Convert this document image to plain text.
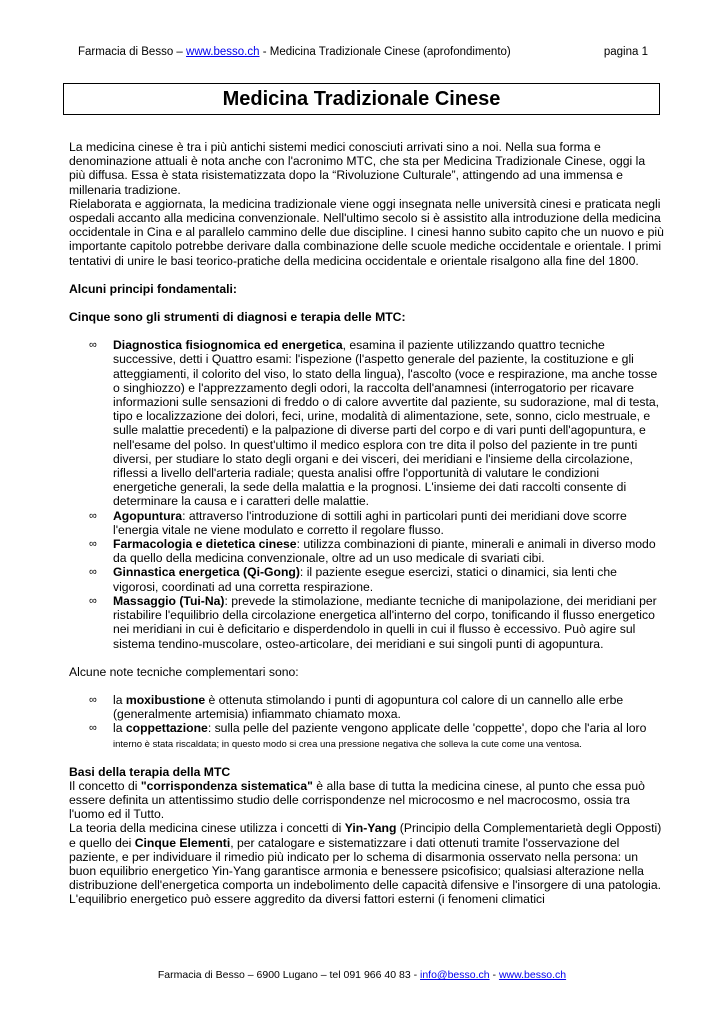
Farmacia di Besso – www.besso.ch - Medicina Tradizionale Cinese (aprofondimento)	pagina 1
Medicina Tradizionale Cinese

La medicina cinese è tra i più antichi sistemi medici conosciuti arrivati sino a noi. Nella sua forma e denominazione attuali è nota anche con l'acronimo MTC, che sta per Medicina Tradizionale Cinese, oggi la più diffusa. Essa è stata risistematizzata dopo la “Rivoluzione Culturale”, attingendo ad una immensa e millenaria tradizione.

Rielaborata e aggiornata, la medicina tradizionale viene oggi insegnata nelle università cinesi e praticata negli ospedali accanto alla medicina convenzionale. Nell'ultimo secolo si è assistito alla introduzione della medicina occidentale in Cina e al parallelo cammino delle due discipline. I cinesi hanno subito capito che un nuovo e più importante capitolo potrebbe derivare dalla combinazione delle scuole mediche occidentale e orientale. I primi tentativi di unire le basi teorico-pratiche della medicina occidentale e orientale risalgono alla fine del 1800.

Alcuni principi fondamentali:

Cinque sono gli strumenti di diagnosi e terapia delle MTC:

∞ Diagnostica fisiognomica ed energetica, esamina il paziente utilizzando quattro tecniche successive, detti i Quattro esami: l'ispezione (l'aspetto generale del paziente, la costituzione e gli atteggiamenti, il colorito del viso, lo stato della lingua), l'ascolto (voce e respirazione, ma anche tosse o singhiozzo) e l'apprezzamento degli odori, la raccolta dell'anamnesi (interrogatorio per ricavare informazioni sulle sensazioni di freddo o di calore avvertite dal paziente, su sudorazione, mal di testa, tipo e localizzazione dei dolori, feci, urine, modalità di alimentazione, sete, sonno, ciclo mestruale, e sulle malattie precedenti) e la palpazione di diverse parti del corpo e di vari punti dell'agopuntura, e nell'esame del polso. In quest'ultimo il medico esplora con tre dita il polso del paziente in tre punti diversi, per studiare lo stato degli organi e dei visceri, dei meridiani e l'insieme della circolazione, riflessi a livello dell'arteria radiale; questa analisi offre l'opportunità di valutare le condizioni energetiche generali, la sede della malattia e la prognosi. L'insieme dei dati raccolti consente di determinare la causa e i caratteri delle malattie.
∞ Agopuntura: attraverso l'introduzione di sottili aghi in particolari punti dei meridiani dove scorre l'energia vitale ne viene modulato e corretto il regolare flusso.
∞ Farmacologia e dietetica cinese: utilizza combinazioni di piante, minerali e animali in diverso modo da quello della medicina convenzionale, oltre ad un uso medicale di svariati cibi.
∞ Ginnastica energetica (Qi-Gong): il paziente esegue esercizi, statici o dinamici, sia lenti che vigorosi, coordinati ad una corretta respirazione.
∞ Massaggio (Tui-Na): prevede la stimolazione, mediante tecniche di manipolazione, dei meridiani per ristabilire l'equilibrio della circolazione energetica all'interno del corpo, tonificando il flusso energetico nei meridiani in cui è deficitario e disperdendolo in quelli in cui il flusso è eccessivo. Può agire sul sistema tendino-muscolare, osteo-articolare, dei meridiani e sui singoli punti di agopuntura.

Alcune note tecniche complementari sono:

∞ la moxibustione è ottenuta stimolando i punti di agopuntura col calore di un cannello alle erbe (generalmente artemisia) infiammato chiamato moxa.
∞ la coppettazione: sulla pelle del paziente vengono applicate delle 'coppette', dopo che l'aria al loro
interno è stata riscaldata; in questo modo si crea una pressione negativa che solleva la cute come una ventosa.

Basi della terapia della MTC

Il concetto di "corrispondenza sistematica" è alla base di tutta la medicina cinese, al punto che essa può essere definita un attentissimo studio delle corrispondenze nel microcosmo e nel macrocosmo, ossia tra l'uomo ed il Tutto.

La teoria della medicina cinese utilizza i concetti di Yin-Yang (Principio della Complementarietà degli Opposti) e quello dei Cinque Elementi, per catalogare e sistematizzare i dati ottenuti tramite l'osservazione del paziente, e per individuare il rimedio più indicato per lo schema di disarmonia osservato nella persona: un buon equilibrio energetico Yin-Yang garantisce armonia e benessere psicofisico; qualsiasi alterazione nella distribuzione dell'energetica comporta un indebolimento delle capacità difensive e l'insorgere di una patologia. L'equilibrio energetico può essere aggredito da diversi fattori esterni (i fenomeni climatici

Farmacia di Besso – 6900 Lugano – tel 091 966 40 83 - info@besso.ch - www.besso.ch
